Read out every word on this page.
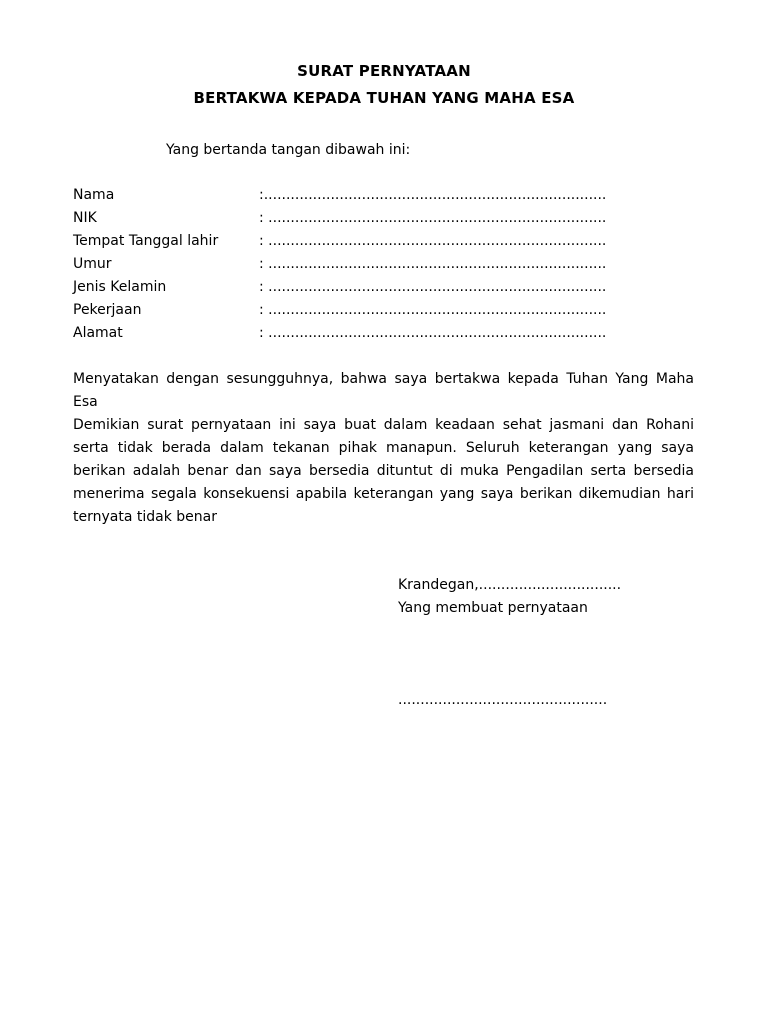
SURAT PERNYATAAN
BERTAKWA KEPADA TUHAN YANG MAHA ESA
Yang bertanda tangan dibawah ini:
Nama	:.............................................................................
NIK	: ............................................................................
Tempat Tanggal lahir	: ............................................................................
Umur	: ............................................................................
Jenis Kelamin	: ............................................................................
Pekerjaan	: ............................................................................
Alamat	: ............................................................................
Menyatakan dengan sesungguhnya, bahwa saya bertakwa kepada Tuhan Yang Maha Esa
Demikian surat pernyataan ini saya buat dalam keadaan sehat jasmani dan Rohani serta tidak berada dalam tekanan pihak manapun. Seluruh keterangan yang saya berikan adalah benar dan saya bersedia dituntut di muka Pengadilan serta bersedia menerima segala konsekuensi apabila keterangan yang saya berikan dikemudian hari ternyata tidak benar
Krandegan,................................
Yang membuat pernyataan
...............................................
